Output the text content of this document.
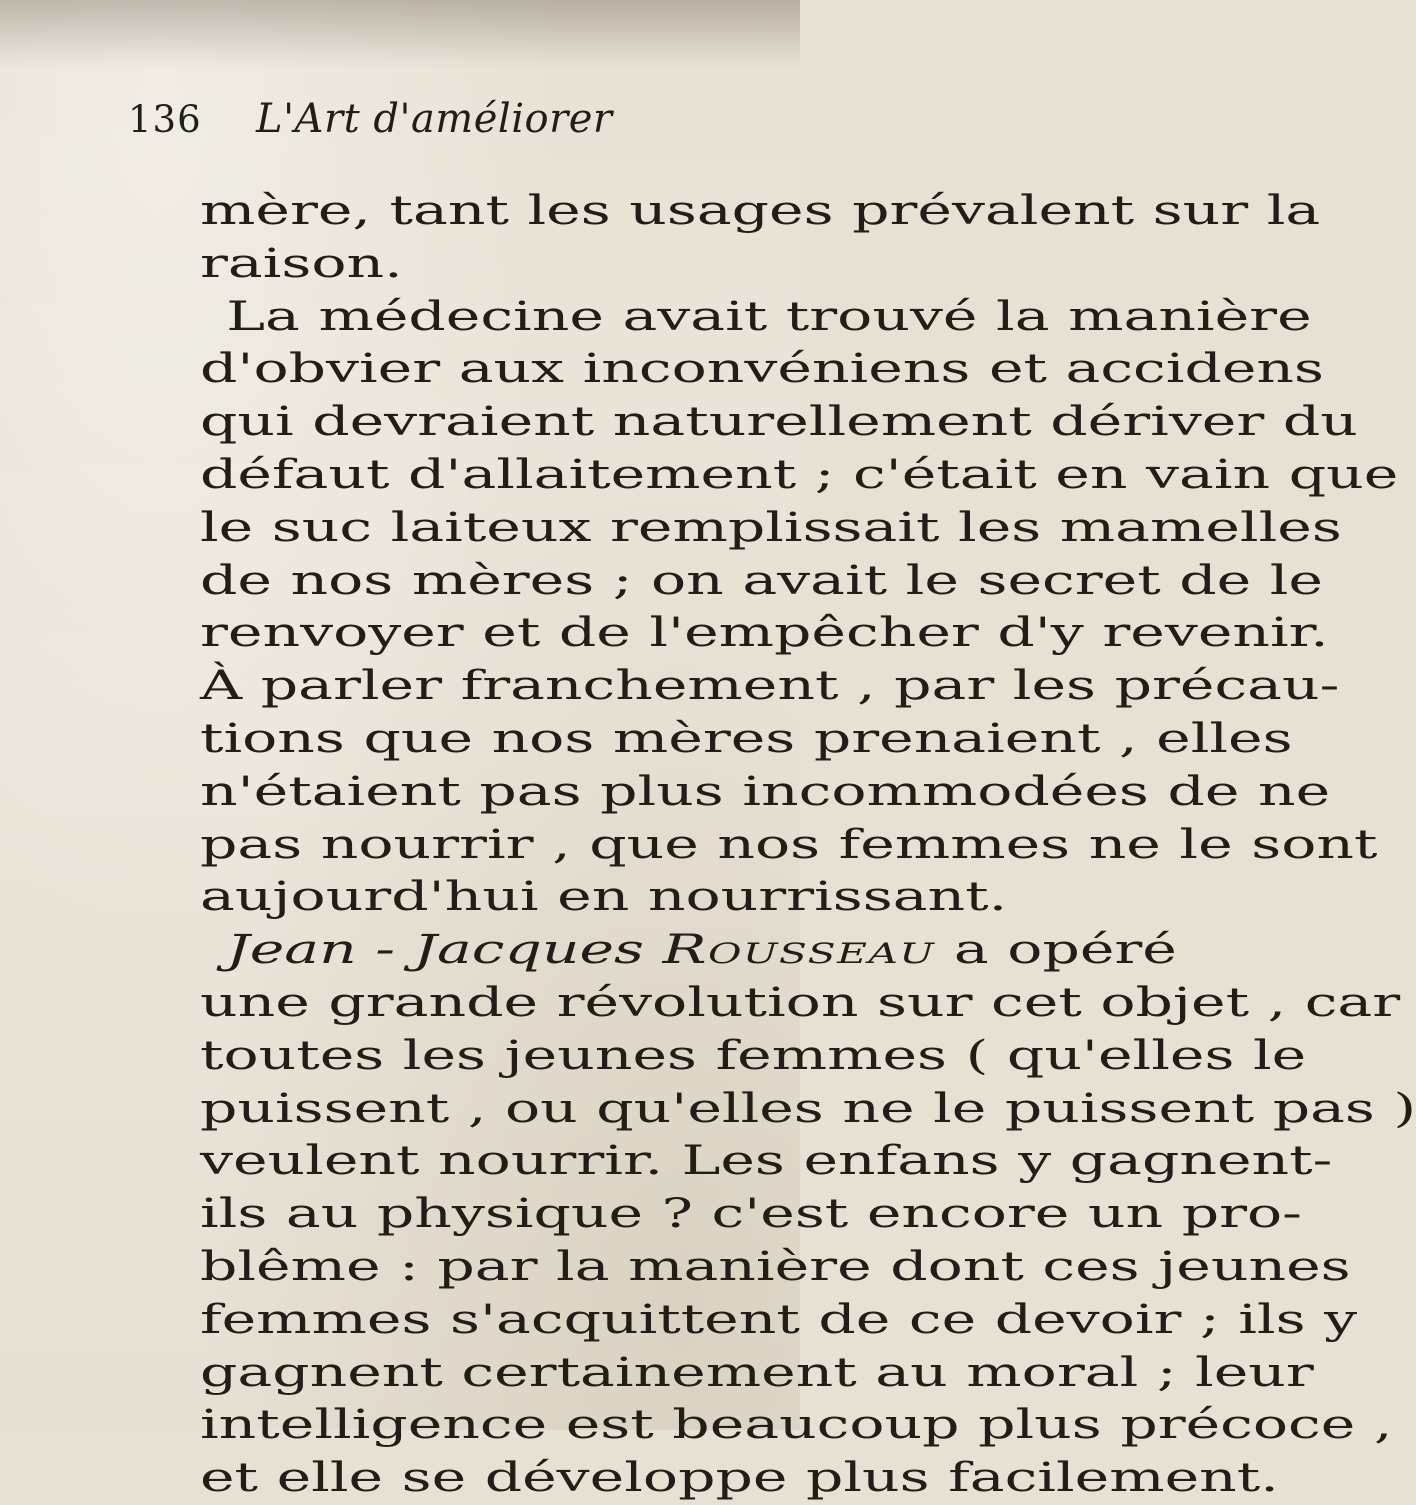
136 L'Art d'améliorer

mère, tant les usages prévalent sur la

raison.

La médecine avait trouvé la manière

d'obvier aux inconvéniens et accidens

qui devraient naturellement dériver du

défaut d'allaitement ; c'était en vain que

le suc laiteux remplissait les mamelles

de nos mères ; on avait le secret de le

renvoyer et de l'empêcher d'y revenir.

À parler franchement , par les précau-

tions que nos mères prenaient , elles

n'étaient pas plus incommodées de ne

pas nourrir , que nos femmes ne le sont

aujourd'hui en nourrissant.

Jean - Jacques Rousseau a opéré

une grande révolution sur cet objet , car

toutes les jeunes femmes ( qu'elles le

puissent , ou qu'elles ne le puissent pas )

veulent nourrir. Les enfans y gagnent-

ils au physique ? c'est encore un pro-

blême : par la manière dont ces jeunes

femmes s'acquittent de ce devoir ; ils y

gagnent certainement au moral ; leur

intelligence est beaucoup plus précoce ,

et elle se développe plus facilement.
